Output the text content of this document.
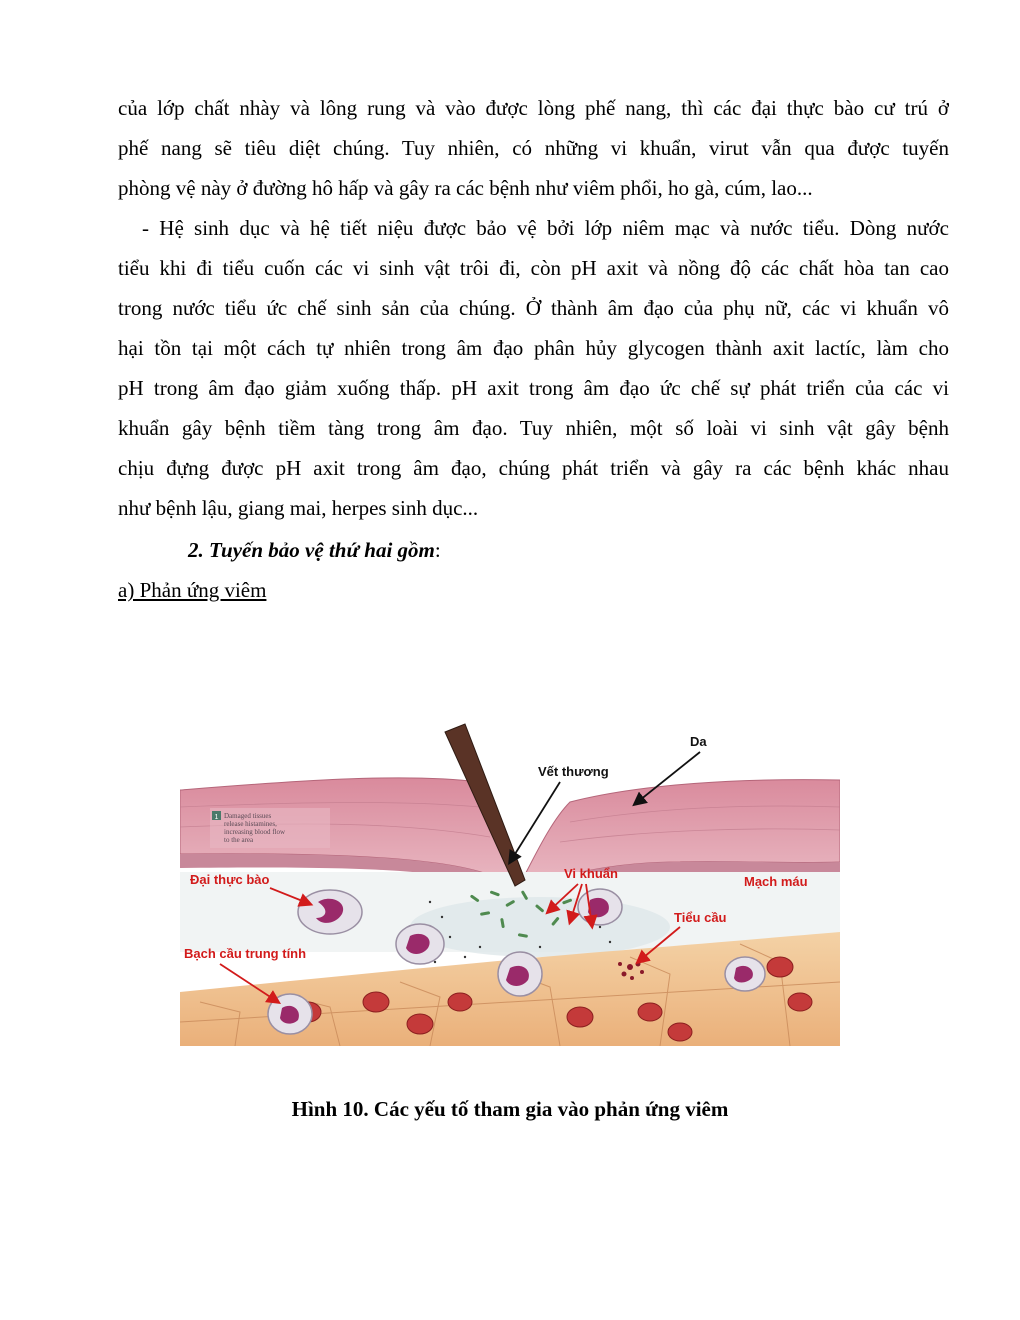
của lớp chất nhày và lông rung và vào được lòng phế nang, thì các đại thực bào cư trú ở
phế nang sẽ tiêu diệt chúng. Tuy nhiên, có những vi khuẩn, virut vẫn qua được tuyến
phòng vệ này ở đường hô hấp và gây ra các bệnh như viêm phổi, ho gà, cúm, lao...
- Hệ sinh dục và hệ tiết niệu được bảo vệ bởi lớp niêm mạc và nước tiểu. Dòng nước
tiểu khi đi tiểu cuốn các vi sinh vật trôi đi, còn pH axit và nồng độ các chất hòa tan cao
trong nước tiểu ức chế sinh sản của chúng. Ở thành âm đạo của phụ nữ, các vi khuẩn vô
hại tồn tại một cách tự nhiên trong âm đạo phân hủy glycogen thành axit lactíc, làm cho
pH trong âm đạo giảm xuống thấp. pH axit trong âm đạo ức chế sự phát triển của các vi
khuẩn gây bệnh tiềm tàng trong âm đạo. Tuy nhiên, một số loài vi sinh vật gây bệnh
chịu đựng được pH axit trong âm đạo, chúng phát triển và gây ra các bệnh khác nhau
như bệnh lậu, giang mai, herpes sinh dục...
2. Tuyến bảo vệ thứ hai gồm:
a) Phản ứng viêm
1 Damaged tissues
release histamines,
increasing blood flow
to the area
Da
Vết thương
Đại thực bào	Vi khuẩn
Mạch máu
Tiểu cầu
Bạch cầu trung tính
Hình 10. Các yếu tố tham gia vào phản ứng viêm
